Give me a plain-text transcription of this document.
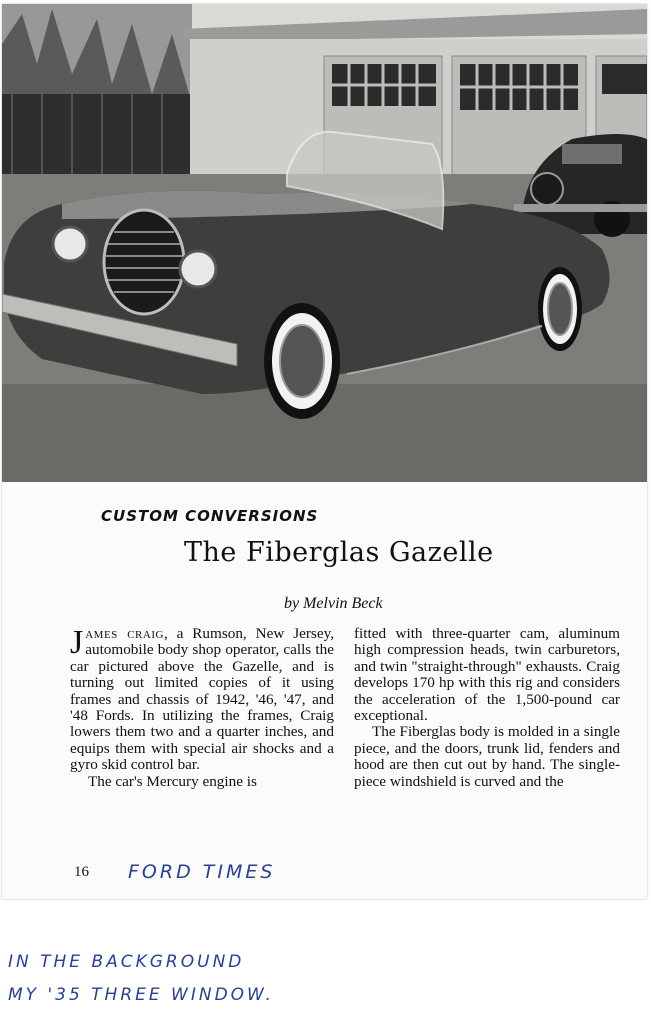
CUSTOM CONVERSIONS
The Fiberglas Gazelle
by Melvin Beck

James craig, a Rumson, New Jersey, automobile body shop operator, calls the car pictured above the Gazelle, and is turning out limited copies of it using frames and chassis of 1942, '46, '47, and '48 Fords. In utilizing the frames, Craig lowers them two and a quarter inches, and equips them with special air shocks and a gyro skid control bar.

The car's Mercury engine is

fitted with three-quarter cam, aluminum high compression heads, twin carburetors, and twin "straight-through" exhausts. Craig develops 170 hp with this rig and considers the acceleration of the 1,500-pound car exceptional.

The Fiberglas body is molded in a single piece, and the doors, trunk lid, fenders and hood are then cut out by hand. The single-piece windshield is curved and the

16 FORD TIMES
IN THE BACKGROUND
MY '35 THREE WINDOW.
